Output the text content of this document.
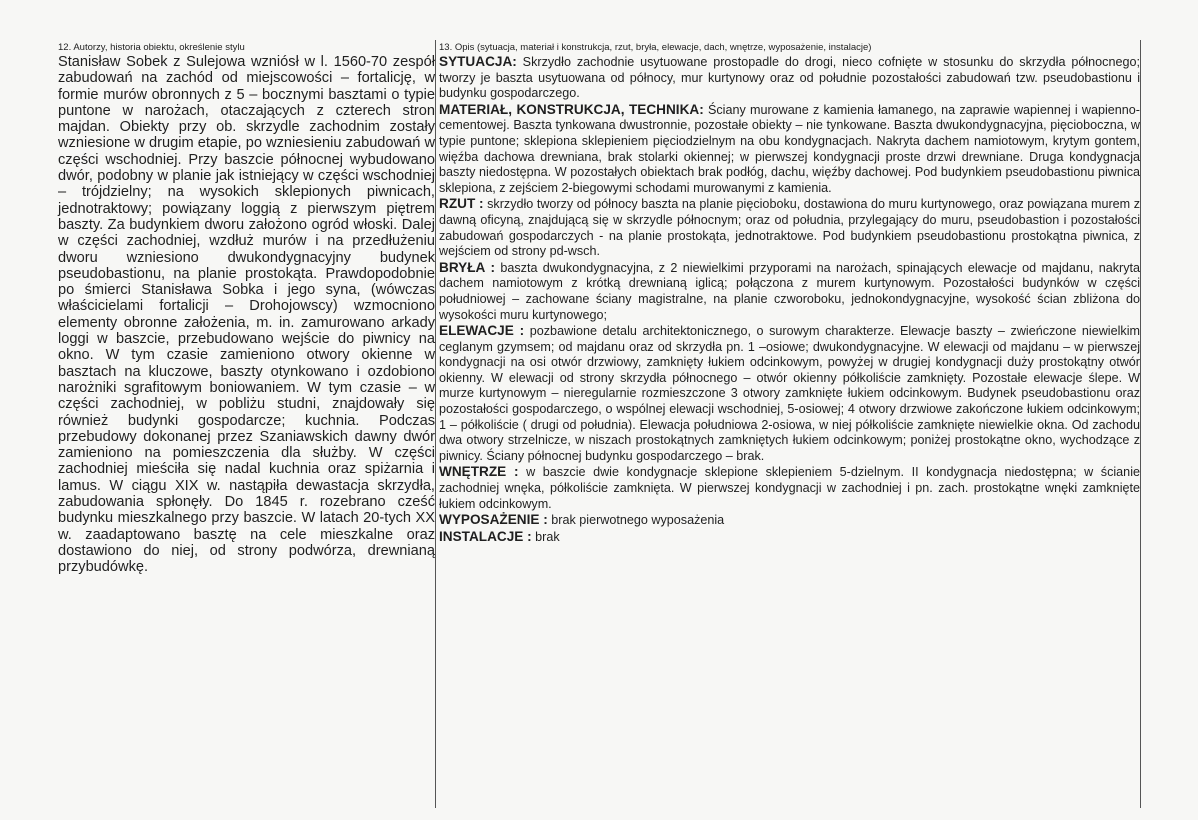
12. Autorzy, historia obiektu, określenie stylu

Stanisław Sobek z Sulejowa wzniósł w l. 1560-70 zespół zabudowań na zachód od miejscowości – fortalicję, w formie murów obronnych z 5 – bocznymi basztami o typie puntone w narożach, otaczających z czterech stron majdan. Obiekty przy ob. skrzydle zachodnim zostały wzniesione w drugim etapie, po wzniesieniu zabudowań w części wschodniej. Przy baszcie północnej wybudowano dwór, podobny w planie jak istniejący w części wschodniej – trójdzielny; na wysokich sklepionych piwnicach, jednotraktowy; powiązany loggią z pierwszym piętrem baszty. Za budynkiem dworu założono ogród włoski. Dalej w części zachodniej, wzdłuż murów i na przedłużeniu dworu wzniesiono dwukondygnacyjny budynek pseudobastionu, na planie prostokąta. Prawdopodobnie po śmierci Stanisława Sobka i jego syna, (wówczas właścicielami fortalicji – Drohojowscy) wzmocniono elementy obronne założenia, m. in. zamurowano arkady loggi w baszcie, przebudowano wejście do piwnicy na okno. W tym czasie zamieniono otwory okienne w basztach na kluczowe, baszty otynkowano i ozdobiono narożniki sgrafitowym boniowaniem. W tym czasie – w części zachodniej, w pobliżu studni, znajdowały się również budynki gospodarcze; kuchnia. Podczas przebudowy dokonanej przez Szaniawskich dawny dwór zamieniono na pomieszczenia dla służby. W części zachodniej mieściła się nadal kuchnia oraz spiżarnia i lamus. W ciągu XIX w. nastąpiła dewastacja skrzydła, zabudowania spłonęły. Do 1845 r. rozebrano cześć budynku mieszkalnego przy baszcie. W latach 20-tych XX w. zaadaptowano basztę na cele mieszkalne oraz dostawiono do niej, od strony podwórza, drewnianą przybudówkę.

13. Opis (sytuacja, materiał i konstrukcja, rzut, bryła, elewacje, dach, wnętrze, wyposażenie, instalacje)

SYTUACJA: Skrzydło zachodnie usytuowane prostopadle do drogi, nieco cofnięte w stosunku do skrzydła północnego; tworzy je baszta usytuowana od północy, mur kurtynowy oraz od południe pozostałości zabudowań tzw. pseudobastionu i budynku gospodarczego.

MATERIAŁ, KONSTRUKCJA, TECHNIKA: Ściany murowane z kamienia łamanego, na zaprawie wapiennej i wapienno-cementowej. Baszta tynkowana dwustronnie, pozostałe obiekty – nie tynkowane. Baszta dwukondygnacyjna, pięcioboczna, w typie puntone; sklepiona sklepieniem pięciodzielnym na obu kondygnacjach. Nakryta dachem namiotowym, krytym gontem, więźba dachowa drewniana, brak stolarki okiennej; w pierwszej kondygnacji proste drzwi drewniane. Druga kondygnacja baszty niedostępna. W pozostałych obiektach brak podłóg, dachu, więźby dachowej. Pod budynkiem pseudobastionu piwnica sklepiona, z zejściem 2-biegowymi schodami murowanymi z kamienia.

RZUT : skrzydło tworzy od północy baszta na planie pięcioboku, dostawiona do muru kurtynowego, oraz powiązana murem z dawną oficyną, znajdującą się w skrzydle północnym; oraz od południa, przylegający do muru, pseudobastion i pozostałości zabudowań gospodarczych - na planie prostokąta, jednotraktowe. Pod budynkiem pseudobastionu prostokątna piwnica, z wejściem od strony pd-wsch.

BRYŁA : baszta dwukondygnacyjna, z 2 niewielkimi przyporami na narożach, spinających elewacje od majdanu, nakryta dachem namiotowym z krótką drewnianą iglicą; połączona z murem kurtynowym. Pozostałości budynków w części południowej – zachowane ściany magistralne, na planie czworoboku, jednokondygnacyjne, wysokość ścian zbliżona do wysokości muru kurtynowego;

ELEWACJE : pozbawione detalu architektonicznego, o surowym charakterze. Elewacje baszty – zwieńczone niewielkim ceglanym gzymsem; od majdanu oraz od skrzydła pn. 1 –osiowe; dwukondygnacyjne. W elewacji od majdanu – w pierwszej kondygnacji na osi otwór drzwiowy, zamknięty łukiem odcinkowym, powyżej w drugiej kondygnacji duży prostokątny otwór okienny. W elewacji od strony skrzydła północnego – otwór okienny półkoliście zamknięty. Pozostałe elewacje ślepe. W murze kurtynowym – nieregularnie rozmieszczone 3 otwory zamknięte łukiem odcinkowym. Budynek pseudobastionu oraz pozostałości gospodarczego, o wspólnej elewacji wschodniej, 5-osiowej; 4 otwory drzwiowe zakończone łukiem odcinkowym; 1 – półkoliście ( drugi od południa). Elewacja południowa 2-osiowa, w niej półkoliście zamknięte niewielkie okna. Od zachodu dwa otwory strzelnicze, w niszach prostokątnych zamkniętych łukiem odcinkowym; poniżej prostokątne okno, wychodzące z piwnicy. Ściany północnej budynku gospodarczego – brak.

WNĘTRZE : w baszcie dwie kondygnacje sklepione sklepieniem 5-dzielnym. II kondygnacja niedostępna; w ścianie zachodniej wnęka, półkoliście zamknięta. W pierwszej kondygnacji w zachodniej i pn. zach. prostokątne wnęki zamknięte łukiem odcinkowym.

WYPOSAŻENIE : brak pierwotnego wyposażenia

INSTALACJE : brak
